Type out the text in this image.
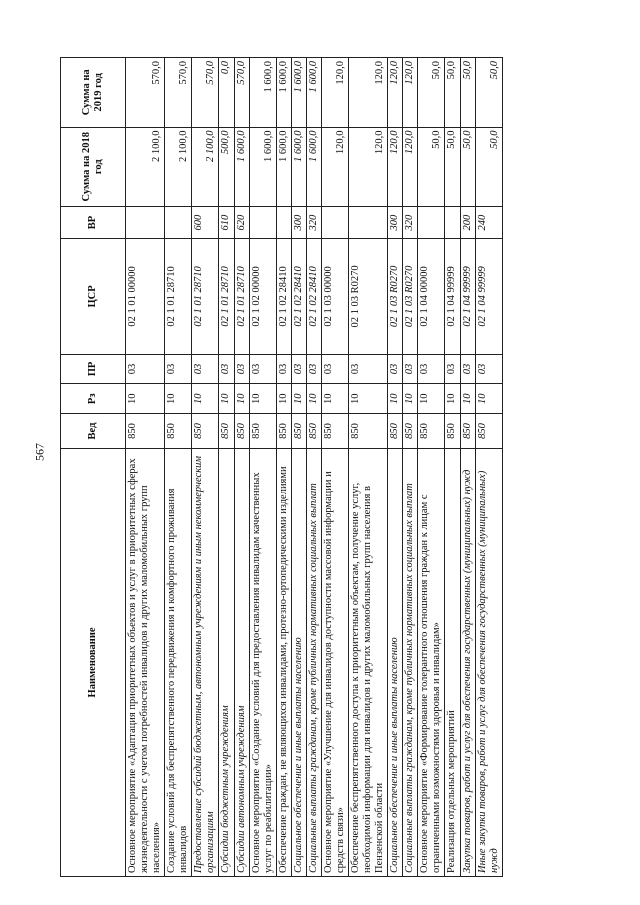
567
Наименование	Вед	Рз	ПР	ЦСР	ВР	Сумма на 2018 год	Сумма на 2019 год
Основное мероприятие «Адаптация приоритетных объектов и услуг в приоритетных сферах жизнедеятельности с учетом потребностей инвалидов и других маломобильных групп населения»	850	10	03	02 1 01 00000		2 100,0	570,0
Создание условий для беспрепятственного передвижения и комфортного проживания инвалидов	850	10	03	02 1 01 28710		2 100,0	570,0
Предоставление субсидий бюджетным, автономным учреждениям и иным некоммерческим организациям	850	10	03	02 1 01 28710	600	2 100,0	570,0
Субсидии бюджетным учреждениям	850	10	03	02 1 01 28710	610	500,0	0,0
Субсидии автономным учреждениям	850	10	03	02 1 01 28710	620	1 600,0	570,0
Основное мероприятие «Создание условий для предоставления инвалидам качественных услуг по реабилитации»	850	10	03	02 1 02 00000		1 600,0	1 600,0
Обеспечение граждан, не являющихся инвалидами, протезно-ортопедическими изделиями	850	10	03	02 1 02 28410		1 600,0	1 600,0
Социальное обеспечение и иные выплаты населению	850	10	03	02 1 02 28410	300	1 600,0	1 600,0
Социальные выплаты гражданам, кроме публичных нормативных социальных выплат	850	10	03	02 1 02 28410	320	1 600,0	1 600,0
Основное мероприятие «Улучшение для инвалидов доступности массовой информации и средств связи»	850	10	03	02 1 03 00000		120,0	120,0
Обеспечение беспрепятственного доступа к приоритетным объектам, получение услуг, необходимой информации для инвалидов и других маломобильных групп населения в Пензенской области	850	10	03	02 1 03 R0270		120,0	120,0
Социальное обеспечение и иные выплаты населению	850	10	03	02 1 03 R0270	300	120,0	120,0
Социальные выплаты гражданам, кроме публичных нормативных социальных выплат	850	10	03	02 1 03 R0270	320	120,0	120,0
Основное мероприятие «Формирование толерантного отношения граждан к лицам с ограниченными возможностями здоровья и инвалидам»	850	10	03	02 1 04 00000		50,0	50,0
Реализация отдельных мероприятий	850	10	03	02 1 04 99999		50,0	50,0
Закупка товаров, работ и услуг для обеспечения государственных (муниципальных) нужд	850	10	03	02 1 04 99999	200	50,0	50,0
Иные закупки товаров, работ и услуг для обеспечения государственных (муниципальных) нужд	850	10	03	02 1 04 99999	240	50,0	50,0
